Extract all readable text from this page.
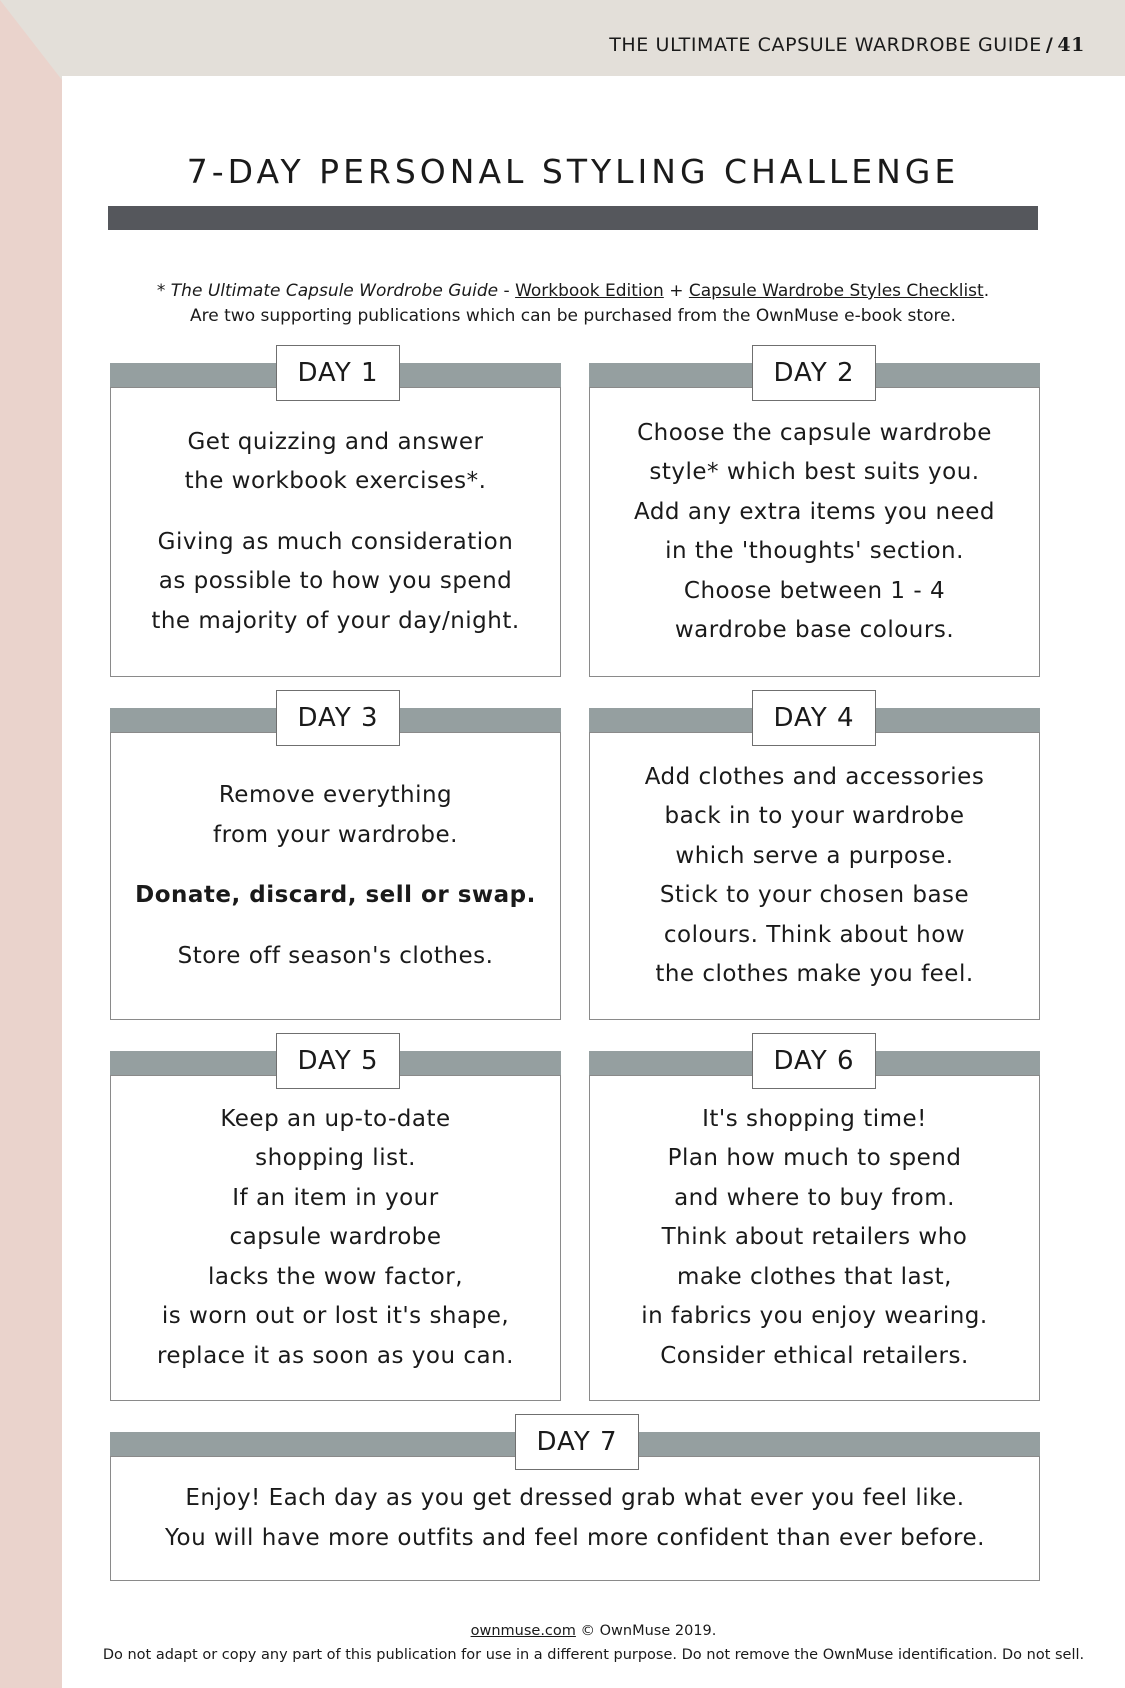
THE ULTIMATE CAPSULE WARDROBE GUIDE / 41
7-DAY PERSONAL STYLING CHALLENGE
* The Ultimate Capsule Wordrobe Guide - Workbook Edition + Capsule Wardrobe Styles Checklist.
Are two supporting publications which can be purchased from the OwnMuse e-book store.
Get quizzing and answer
the workbook exercises*.
Giving as much consideration
as possible to how you spend
the majority of your day/night.
DAY 1
Choose the capsule wardrobe
style* which best suits you.
Add any extra items you need
in the 'thoughts' section.
Choose between 1 - 4
wardrobe base colours.
DAY 2
Remove everything
from your wardrobe.
Donate, discard, sell or swap.
Store off season's clothes.
DAY 3
Add clothes and accessories
back in to your wardrobe
which serve a purpose.
Stick to your chosen base
colours. Think about how
the clothes make you feel.
DAY 4
Keep an up-to-date
shopping list.
If an item in your
capsule wardrobe
lacks the wow factor,
is worn out or lost it's shape,
replace it as soon as you can.
DAY 5
It's shopping time!
Plan how much to spend
and where to buy from.
Think about retailers who
make clothes that last,
in fabrics you enjoy wearing.
Consider ethical retailers.
DAY 6
Enjoy! Each day as you get dressed grab what ever you feel like.
You will have more outfits and feel more confident than ever before.
DAY 7
ownmuse.com © OwnMuse 2019.
Do not adapt or copy any part of this publication for use in a different purpose. Do not remove the OwnMuse identification. Do not sell.
